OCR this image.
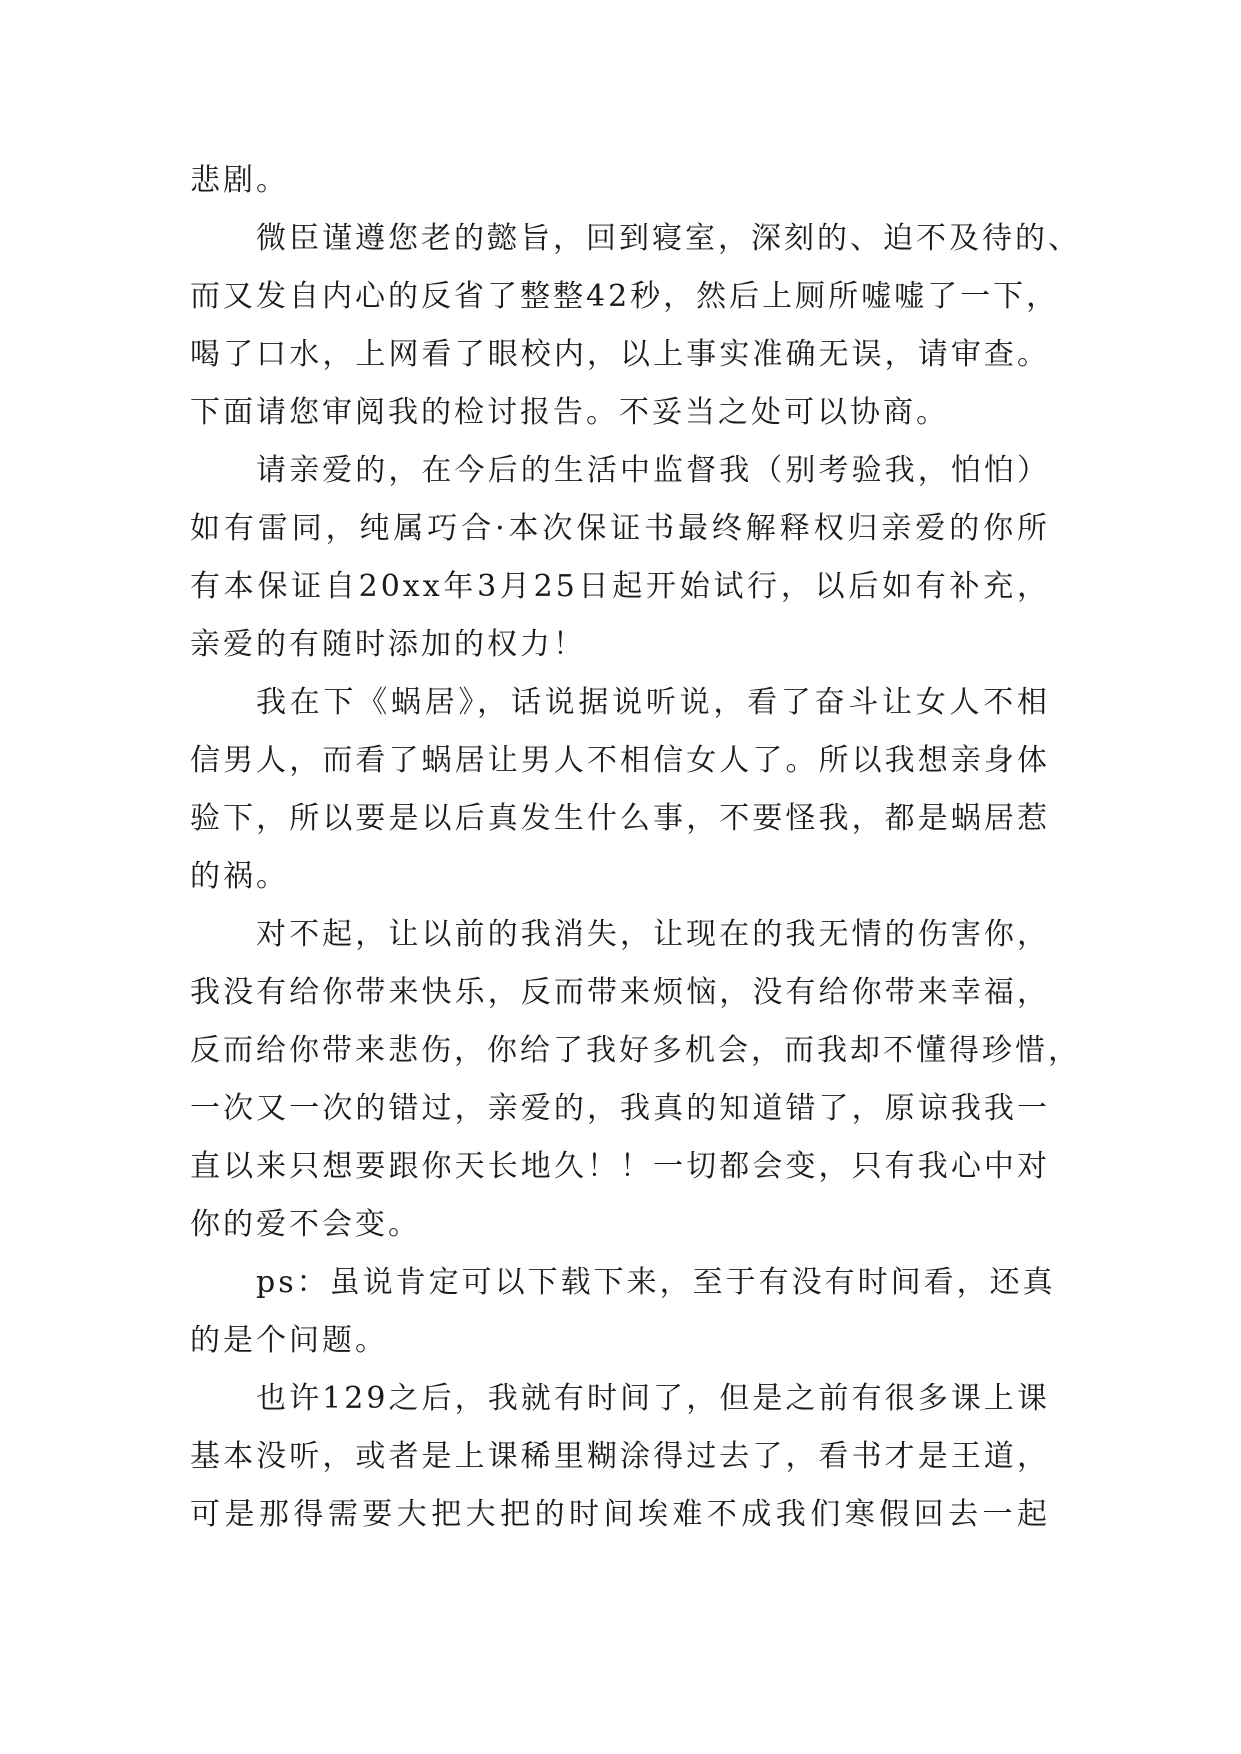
悲剧。
微臣谨遵您老的懿旨，回到寝室，深刻的、迫不及待的、
而又发自内心的反省了整整42秒，然后上厕所嘘嘘了一下，
喝了口水，上网看了眼校内，以上事实准确无误，请审查。
下面请您审阅我的检讨报告。不妥当之处可以协商。
请亲爱的，在今后的生活中监督我（别考验我，怕怕）
如有雷同，纯属巧合·本次保证书最终解释权归亲爱的你所
有本保证自20xx年3月25日起开始试行，以后如有补充，
亲爱的有随时添加的权力！
我在下《蜗居》，话说据说听说，看了奋斗让女人不相
信男人，而看了蜗居让男人不相信女人了。所以我想亲身体
验下，所以要是以后真发生什么事，不要怪我，都是蜗居惹
的祸。
对不起，让以前的我消失，让现在的我无情的伤害你，
我没有给你带来快乐，反而带来烦恼，没有给你带来幸福，
反而给你带来悲伤，你给了我好多机会，而我却不懂得珍惜，
一次又一次的错过，亲爱的，我真的知道错了，原谅我我一
直以来只想要跟你天长地久！！一切都会变，只有我心中对
你的爱不会变。
ps：虽说肯定可以下载下来，至于有没有时间看，还真
的是个问题。
也许129之后，我就有时间了，但是之前有很多课上课
基本没听，或者是上课稀里糊涂得过去了，看书才是王道，
可是那得需要大把大把的时间埃难不成我们寒假回去一起
